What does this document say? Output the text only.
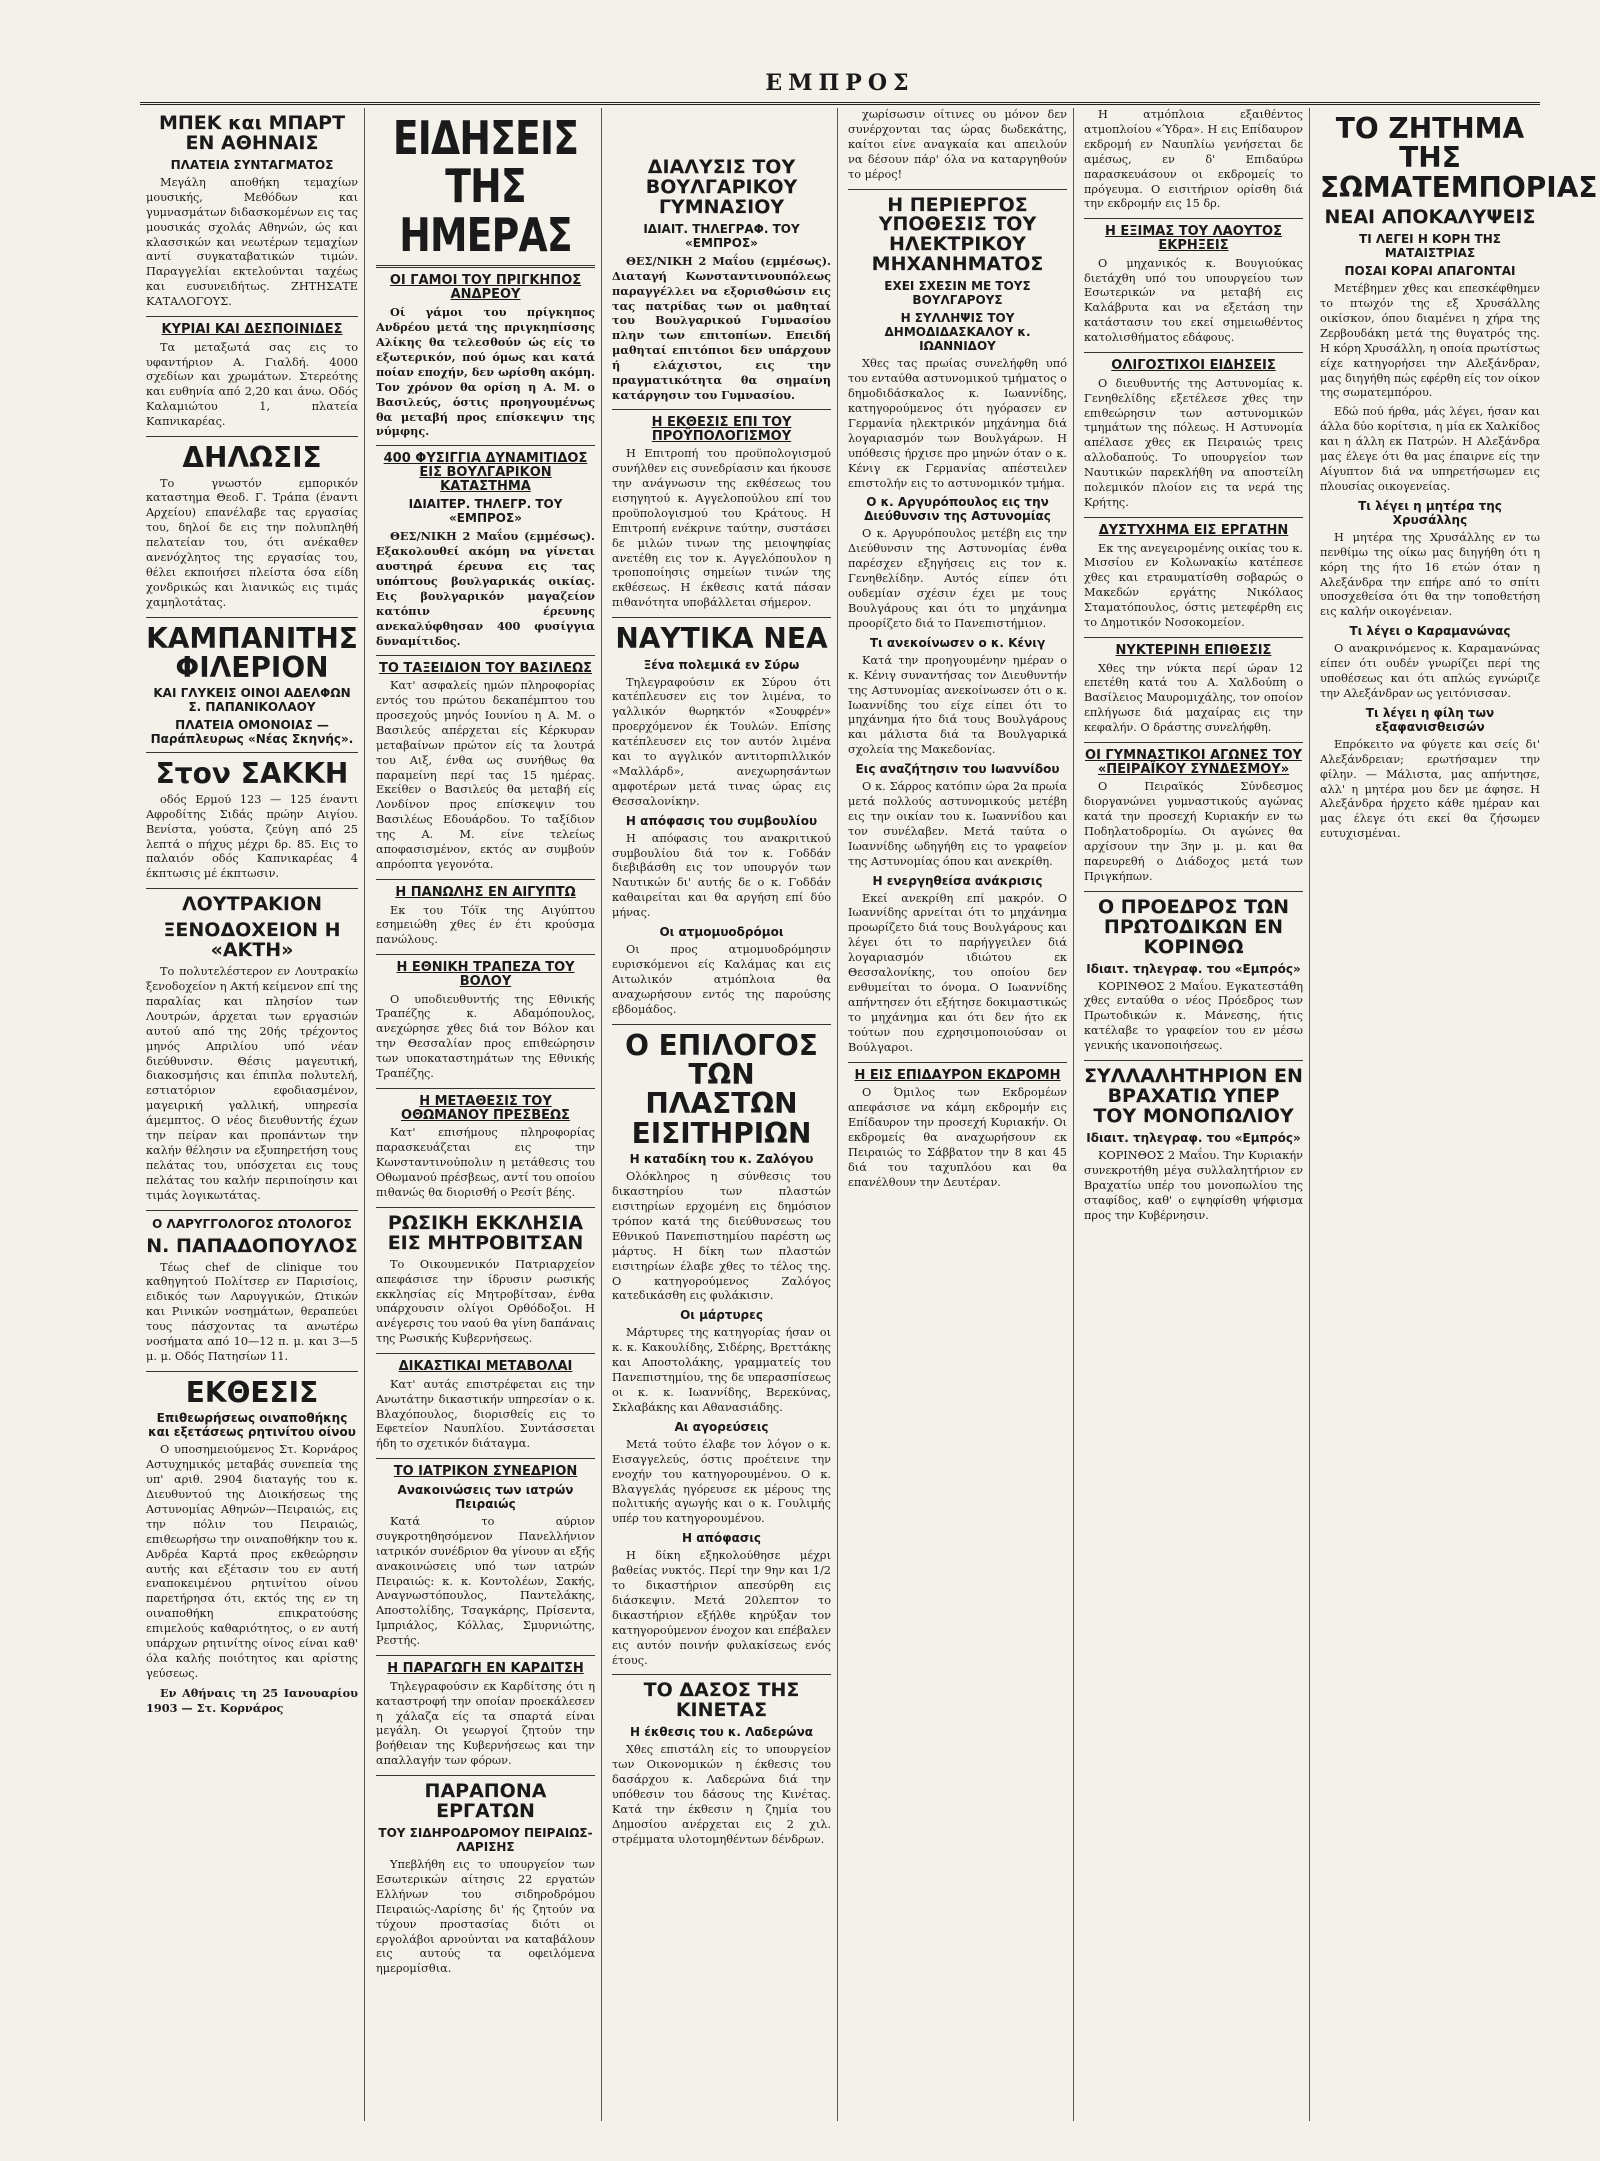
ΕΜΠΡΟΣ
ΜΠΕΚ και ΜΠΑΡΤ ΕΝ ΑΘΗΝΑΙΣ
ΠΛΑΤΕΙΑ ΣΥΝΤΑΓΜΑΤΟΣ

Μεγάλη αποθήκη τεμαχίων μουσικής, Μεθόδων και γυμνασμάτων διδασκομένων εις τας μουσικάς σχολάς Αθηνών, ώς και κλασσικών και νεωτέρων τεμαχίων αντί συγκαταβατικών τιμών. Παραγγελίαι εκτελούνται ταχέως και ευσυνειδήτως. ΖΗΤΗΣΑΤΕ ΚΑΤΑΛΟΓΟΥΣ.

ΚΥΡΙΑΙ ΚΑΙ ΔΕΣΠΟΙΝΙΔΕΣ

Τα μεταξωτά σας εις το υφαντήριον Α. Γιαλδή. 4000 σχεδίων και χρωμάτων. Στερεότης και ευθηνία από 2,20 και άνω. Οδός Καλαμιώτου 1, πλατεία Καπνικαρέας.

ΔΗΛΩΣΙΣ

Το γνωστόν εμπορικόν καταστημα Θεοδ. Γ. Τράπα (έναντι Αρχείου) επανέλαβε τας εργασίας του, δηλοί δε εις την πολυπληθή πελατείαν του, ότι ανέκαθεν ανενόχλητος της εργασίας του, θέλει εκποιήσει πλείστα όσα είδη χονδρικώς και λιανικώς εις τιμάς χαμηλοτάτας.

ΚΑΜΠΑΝΙΤΗΣ ΦΙΛΕΡΙΟΝ
ΚΑΙ ΓΛΥΚΕΙΣ ΟΙΝΟΙ ΑΔΕΛΦΩΝ Σ. ΠΑΠΑΝΙΚΟΛΑΟΥ
ΠΛΑΤΕΙΑ ΟΜΟΝΟΙΑΣ — Παράπλευρως «Νέας Σκηνής».
Στον ΣΑΚΚΗ

οδός Ερμού 123 — 125 έναντι Αφροδίτης Σιδάς πρώην Αιγίου. Βενίστα, γούστα, ζεύγη από 25 λεπτά ο πήχυς μέχρι δρ. 85. Εις το παλαιόν οδός Καπνικαρέας 4 έκπτωσις μέ έκπτωσιν.

ΛΟΥΤΡΑΚΙΟΝ
ΞΕΝΟΔΟΧΕΙΟΝ Η «ΑΚΤΗ»

Το πολυτελέστερον εν Λουτρακίω ξενοδοχείον η Ακτή κείμενον επί της παραλίας και πλησίον των Λουτρών, άρχεται των εργασιών αυτού από της 20ής τρέχοντος μηνός Απριλίου υπό νέαν διεύθυνσιν. Θέσις μαγευτική, διακοσμήσις και έπιπλα πολυτελή, εστιατόριον εφοδιασμένον, μαγειρική γαλλική, υπηρεσία άμεμπτος. Ο νέος διευθυντής έχων την πείραν και προπάντων την καλήν θέλησιν να εξυπηρετήση τους πελάτας του, υπόσχεται εις τους πελάτας του καλήν περιποίησιν και τιμάς λογικωτάτας.

Ο ΛΑΡΥΓΓΟΛΟΓΟΣ ΩΤΟΛΟΓΟΣ
Ν. ΠΑΠΑΔΟΠΟΥΛΟΣ

Τέως chef de clinique του καθηγητού Πολίτσερ εν Παρισίοις, ειδικός των Λαρυγγικών, Ωτικών και Ρινικών νοσημάτων, θεραπεύει τους πάσχοντας τα ανωτέρω νοσήματα από 10—12 π. μ. και 3—5 μ. μ. Οδός Πατησίων 11.

ΕΚΘΕΣΙΣ
Επιθεωρήσεως οιναποθήκης και εξετάσεως ρητινίτου οίνου

Ο υποσημειούμενος Στ. Κορνάρος Αστυχημικός μεταβάς συνεπεία της υπ' αριθ. 2904 διαταγής του κ. Διευθυντού της Διοικήσεως της Αστυνομίας Αθηνών—Πειραιώς, εις την πόλιν του Πειραιώς, επιθεωρήσω την οιναποθήκην του κ. Ανδρέα Καρτά προς εκθεώρησιν αυτής και εξέτασιν του εν αυτή εναποκειμένου ρητινίτου οίνου παρετήρησα ότι, εκτός της εν τη οιναποθήκη επικρατούσης επιμελούς καθαριότητος, ο εν αυτή υπάρχων ρητινίτης οίνος είναι καθ' όλα καλής ποιότητος και αρίστης γεύσεως.

Εν Αθήναις τη 25 Ιανουαρίου 1903 — Στ. Κορνάρος

ΕΙΔΗΣΕΙΣ ΤΗΣ ΗΜΕΡΑΣ
ΟΙ ΓΑΜΟΙ ΤΟΥ ΠΡΙΓΚΗΠΟΣ ΑΝΔΡΕΟΥ

Οί γάμοι του πρίγκηπος Ανδρέου μετά της πριγκηπίσσης Αλίκης θα τελεσθούν ώς είς το εξωτερικόν, πού όμως και κατά ποίαν εποχήν, δεν ωρίσθη ακόμη. Τον χρόνον θα ορίση η Α. Μ. ο Βασιλεύς, όστις προηγουμένως θα μεταβή προς επίσκεψιν της νύμφης.

400 ΦΥΣΙΓΓΙΑ ΔΥΝΑΜΙΤΙΔΟΣ ΕΙΣ ΒΟΥΛΓΑΡΙΚΟΝ ΚΑΤΑΣΤΗΜΑ
ΙΔΙΑΙΤΕΡ. ΤΗΛΕΓΡ. ΤΟΥ «ΕΜΠΡΟΣ»

ΘΕΣ/ΝΙΚΗ 2 Μαΐου (εμμέσως). Εξακολουθεί ακόμη να γίνεται αυστηρά έρευνα εις τας υπόπτους βουλγαρικάς οικίας. Εις βουλγαρικόν μαγαζείον κατόπιν έρευνης ανεκαλύφθησαν 400 φυσίγγια δυναμίτιδος.

ΤΟ ΤΑΞΕΙΔΙΟΝ ΤΟΥ ΒΑΣΙΛΕΩΣ

Κατ' ασφαλείς ημών πληροφορίας εντός του πρώτου δεκαπέμπτου του προσεχούς μηνός Ιουνίου η Α. Μ. ο Βασιλεύς απέρχεται είς Κέρκυραν μεταβαίνων πρώτον είς τα λουτρά του Αιξ, ένθα ως συνήθως θα παραμείνη περί τας 15 ημέρας. Εκείθεν ο Βασιλεύς θα μεταβή είς Λονδίνον προς επίσκεψιν του Βασιλέως Εδουάρδου. Το ταξίδιον της Α. Μ. είνε τελείως αποφασισμένον, εκτός αν συμβούν απρόοπτα γεγονότα.

Η ΠΑΝΩΛΗΣ ΕΝ ΑΙΓΥΠΤΩ

Εκ του Τόϊκ της Αιγύπτου εσημειώθη χθες έν έτι κρούσμα πανώλους.

Η ΕΘΝΙΚΗ ΤΡΑΠΕΖΑ ΤΟΥ ΒΟΛΟΥ

Ο υποδιευθυντής της Εθνικής Τραπέζης κ. Αδαμόπουλος, ανεχώρησε χθες διά τον Βόλον και την Θεσσαλίαν προς επιθεώρησιν των υποκαταστημάτων της Εθνικής Τραπέζης.

Η ΜΕΤΑΘΕΣΙΣ ΤΟΥ ΟΘΩΜΑΝΟΥ ΠΡΕΣΒΕΩΣ

Κατ' επισήμους πληροφορίας παρασκευάζεται εις την Κωνσταντινούπολιν η μετάθεσις του Οθωμανού πρέσβεως, αντί του οποίου πιθανώς θα διορισθή ο Ρεσίτ βέης.

ΡΩΣΙΚΗ ΕΚΚΛΗΣΙΑ ΕΙΣ ΜΗΤΡΟΒΙΤΣΑΝ

Το Οικουμενικόν Πατριαρχείον απεφάσισε την ίδρυσιν ρωσικής εκκλησίας είς Μητροβίτσαν, ένθα υπάρχουσιν ολίγοι Ορθόδοξοι. Η ανέγερσις του ναού θα γίνη δαπάναις της Ρωσικής Κυβερνήσεως.

ΔΙΚΑΣΤΙΚΑΙ ΜΕΤΑΒΟΛΑΙ

Κατ' αυτάς επιστρέφεται εις την Ανωτάτην δικαστικήν υπηρεσίαν ο κ. Βλαχόπουλος, διορισθείς εις το Εφετείον Ναυπλίου. Συντάσσεται ήδη το σχετικόν διάταγμα.

ΤΟ ΙΑΤΡΙΚΟΝ ΣΥΝΕΔΡΙΟΝ
Ανακοινώσεις των ιατρών Πειραιώς

Κατά το αύριον συγκροτηθησόμενον Πανελλήνιον ιατρικόν συνέδριον θα γίνουν αι εξής ανακοινώσεις υπό των ιατρών Πειραιώς: κ. κ. Κοντολέων, Σακής, Αναγνωστόπουλος, Παντελάκης, Αποστολίδης, Τσαγκάρης, Πρίσεντα, Ιμπριάλος, Κόλλας, Σμυρνιώτης, Ρεστής.

Η ΠΑΡΑΓΩΓΗ ΕΝ ΚΑΡΔΙΤΣΗ

Τηλεγραφούσιν εκ Καρδίτσης ότι η καταστροφή την οποίαν προεκάλεσεν η χάλαζα είς τα σπαρτά είναι μεγάλη. Οι γεωργοί ζητούν την βοήθειαν της Κυβερνήσεως και την απαλλαγήν των φόρων.

ΠΑΡΑΠΟΝΑ ΕΡΓΑΤΩΝ
ΤΟΥ ΣΙΔΗΡΟΔΡΟΜΟΥ ΠΕΙΡΑΙΩΣ-ΛΑΡΙΣΗΣ

Υπεβλήθη εις το υπουργείον των Εσωτερικών αίτησις 22 εργατών Ελλήνων του σιδηροδρόμου Πειραιώς-Λαρίσης δι' ής ζητούν να τύχουν προστασίας διότι οι εργολάβοι αρνούνται να καταβάλουν εις αυτούς τα οφειλόμενα ημερομίσθια.

ΔΙΑΛΥΣΙΣ ΤΟΥ ΒΟΥΛΓΑΡΙΚΟΥ ΓΥΜΝΑΣΙΟΥ
ΙΔΙΑΙΤ. ΤΗΛΕΓΡΑΦ. ΤΟΥ «ΕΜΠΡΟΣ»

ΘΕΣ/ΝΙΚΗ 2 Μαΐου (εμμέσως). Διαταγή Κωνσταντινουπόλεως παραγγέλλει να εξορισθώσιν εις τας πατρίδας των οι μαθηταί του Βουλγαρικού Γυμνασίου πλην των επιτοπίων. Επειδή μαθηταί επιτόπιοι δεν υπάρχουν ή ελάχιστοι, εις την πραγματικότητα θα σημαίνη κατάργησιν του Γυμνασίου.

Η ΕΚΘΕΣΙΣ ΕΠΙ ΤΟΥ ΠΡΟΫΠΟΛΟΓΙΣΜΟΥ

Η Επιτροπή του προϋπολογισμού συνήλθεν εις συνεδρίασιν και ήκουσε την ανάγνωσιν της εκθέσεως του εισηγητού κ. Αγγελοπούλου επί του προϋπολογισμού του Κράτους. Η Επιτροπή ενέκρινε ταύτην, συστάσει δε μιλών τινων της μειοψηφίας ανετέθη εις τον κ. Αγγελόπουλον η τροποποίησις σημείων τινών της εκθέσεως. Η έκθεσις κατά πάσαν πιθανότητα υποβάλλεται σήμερον.

ΝΑΥΤΙΚΑ ΝΕΑ
Ξένα πολεμικά εν Σύρω

Τηλεγραφούσιν εκ Σύρου ότι κατέπλευσεν εις τον λιμένα, το γαλλικόν θωρηκτόν «Σουφρέν» προερχόμενον έκ Τουλών. Επίσης κατέπλευσεν εις τον αυτόν λιμένα και το αγγλικόν αντιτορπιλλικόν «Μαλλάρδ», ανεχωρησάντων αμφοτέρων μετά τινας ώρας εις Θεσσαλονίκην.

Η απόφασις του συμβουλίου

Η απόφασις του ανακριτικού συμβουλίου διά τον κ. Γοδδάν διεβιβάσθη εις τον υπουργόν των Ναυτικών δι' αυτής δε ο κ. Γοδδάν καθαιρείται και θα αργήση επί δύο μήνας.

Οι ατμομυοδρόμοι

Οι προς ατμομυοδρόμησιν ευρισκόμενοι είς Καλάμας και εις Αιτωλικόν ατμόπλοια θα αναχωρήσουν εντός της παρούσης εβδομάδος.

Ο ΕΠΙΛΟΓΟΣ ΤΩΝ ΠΛΑΣΤΩΝ ΕΙΣΙΤΗΡΙΩΝ
Η καταδίκη του κ. Ζαλόγου

Ολόκληρος η σύνθεσις του δικαστηρίου των πλαστών εισιτηρίων ερχομένη εις δημόσιον τρόπον κατά της διεύθυνσεως του Εθνικού Πανεπιστημίου παρέστη ως μάρτυς. Η δίκη των πλαστών εισιτηρίων έλαβε χθες το τέλος της. Ο κατηγορούμενος Ζαλόγος κατεδικάσθη εις φυλάκισιν.

Οι μάρτυρες

Μάρτυρες της κατηγορίας ήσαν οι κ. κ. Κακουλίδης, Σιδέρης, Βρεττάκης και Αποστολάκης, γραμματείς του Πανεπιστημίου, της δε υπερασπίσεως οι κ. κ. Ιωαννίδης, Βερεκύνας, Σκλαβάκης και Αθανασιάδης.

Αι αγορεύσεις

Μετά τούτο έλαβε τον λόγον ο κ. Εισαγγελεύς, όστις προέτεινε την ενοχήν του κατηγορουμένου. Ο κ. Βλαγγελάς ηγόρευσε εκ μέρους της πολιτικής αγωγής και ο κ. Γουλιμής υπέρ του κατηγορουμένου.

Η απόφασις

Η δίκη εξηκολούθησε μέχρι βαθείας νυκτός. Περί την 9ην και 1/2 το δικαστήριον απεσύρθη εις διάσκεψιν. Μετά 20λεπτον το δικαστήριον εξήλθε κηρύξαν τον κατηγορούμενον ένοχον και επέβαλεν εις αυτόν ποινήν φυλακίσεως ενός έτους.

ΤΟ ΔΑΣΟΣ ΤΗΣ ΚΙΝΕΤΑΣ
Η έκθεσις του κ. Λαδερώνα

Χθες επιστάλη είς το υπουργείον των Οικονομικών η έκθεσις του δασάρχου κ. Λαδερώνα διά την υπόθεσιν του δάσους της Κινέτας. Κατά την έκθεσιν η ζημία του Δημοσίου ανέρχεται εις 2 χιλ. στρέμματα υλοτομηθέντων δένδρων.

χωρίσωσιν οίτινες ου μόνον δεν συνέρχονται τας ώρας δωδεκάτης, καίτοι είνε αναγκαία και απειλούν να δέσουν πάρ' όλα να καταργηθούν το μέρος!

Η ΠΕΡΙΕΡΓΟΣ ΥΠΟΘΕΣΙΣ ΤΟΥ ΗΛΕΚΤΡΙΚΟΥ ΜΗΧΑΝΗΜΑΤΟΣ
ΕΧΕΙ ΣΧΕΣΙΝ ΜΕ ΤΟΥΣ ΒΟΥΛΓΑΡΟΥΣ
Η ΣΥΛΛΗΨΙΣ ΤΟΥ ΔΗΜΟΔΙΔΑΣΚΑΛΟΥ κ. ΙΩΑΝΝΙΔΟΥ

Χθες τας πρωίας συνελήφθη υπό του ενταύθα αστυνομικού τμήματος ο δημοδιδάσκαλος κ. Ιωαννίδης, κατηγορούμενος ότι ηγόρασεν εν Γερμανία ηλεκτρικόν μηχάνημα διά λογαριασμόν των Βουλγάρων. Η υπόθεσις ήρχισε προ μηνών όταν ο κ. Κένιγ εκ Γερμανίας απέστειλεν επιστολήν εις το αστυνομικόν τμήμα.

Ο κ. Αργυρόπουλος εις την Διεύθυνσιν της Αστυνομίας

Ο κ. Αργυρόπουλος μετέβη εις την Διεύθυνσιν της Αστυνομίας ένθα παρέσχεν εξηγήσεις εις τον κ. Γενηθελίδην. Αυτός είπεν ότι ουδεμίαν σχέσιν έχει με τους Βουλγάρους και ότι το μηχάνημα προορίζετο διά το Πανεπιστήμιον.

Τι ανεκοίνωσεν ο κ. Κένιγ

Κατά την προηγουμένην ημέραν ο κ. Κένιγ συναντήσας τον Διευθυντήν της Αστυνομίας ανεκοίνωσεν ότι ο κ. Ιωαννίδης του είχε είπει ότι το μηχάνημα ήτο διά τους Βουλγάρους και μάλιστα διά τα Βουλγαρικά σχολεία της Μακεδονίας.

Εις αναζήτησιν του Ιωαννίδου

Ο κ. Σάρρος κατόπιν ώρα 2α πρωία μετά πολλούς αστυνομικούς μετέβη εις την οικίαν του κ. Ιωαννίδου και τον συνέλαβεν. Μετά ταύτα ο Ιωαννίδης ωδηγήθη εις το γραφείον της Αστυνομίας όπου και ανεκρίθη.

Η ενεργηθείσα ανάκρισις

Εκεί ανεκρίθη επί μακρόν. Ο Ιωαννίδης αρνείται ότι το μηχάνημα προωρίζετο διά τους Βουλγάρους και λέγει ότι το παρήγγειλεν διά λογαριασμόν ιδιώτου εκ Θεσσαλονίκης, του οποίου δεν ενθυμείται το όνομα. Ο Ιωαννίδης απήντησεν ότι εξήτησε δοκιμαστικώς το μηχάνημα και ότι δεν ήτο εκ τούτων που εχρησιμοποιούσαν οι Βούλγαροι.

Η ΕΙΣ ΕΠΙΔΑΥΡΟΝ ΕΚΔΡΟΜΗ

Ο Όμιλος των Εκδρομέων απεφάσισε να κάμη εκδρομήν εις Επίδαυρον την προσεχή Κυριακήν. Οι εκδρομείς θα αναχωρήσουν εκ Πειραιώς το Σάββατον την 8 και 45 διά του ταχυπλόου και θα επανέλθουν την Δευτέραν.

Η ατμόπλοια εξαιθέντος ατμοπλοίου «Ύδρα». Η εις Επίδαυρον εκδρομή εν Ναυπλίω γενήσεται δε αμέσως, εν δ' Επιδαύρω παρασκευάσουν οι εκδρομείς το πρόγευμα. Ο εισιτήριον ορίσθη διά την εκδρομήν εις 15 δρ.

Η ΕΞΙΜΑΣ ΤΟΥ ΛΑΟΥΤΟΣ ΕΚΡΗΞΕΙΣ

Ο μηχανικός κ. Βουγιούκας διετάχθη υπό του υπουργείου των Εσωτερικών να μεταβή εις Καλάβρυτα και να εξετάση την κατάστασιν του εκεί σημειωθέντος κατολισθήματος εδάφους.

ΟΛΙΓΟΣΤΙΧΟΙ ΕΙΔΗΣΕΙΣ

Ο διευθυντής της Αστυνομίας κ. Γενηθελίδης εξετέλεσε χθες την επιθεώρησιν των αστυνομικών τμημάτων της πόλεως. Η Αστυνομία απέλασε χθες εκ Πειραιώς τρεις αλλοδαπούς. Το υπουργείον των Ναυτικών παρεκλήθη να αποστείλη πολεμικόν πλοίον εις τα νερά της Κρήτης.

ΔΥΣΤΥΧΗΜΑ ΕΙΣ ΕΡΓΑΤΗΝ

Εκ της ανεγειρομένης οικίας του κ. Μισσίου εν Κολωνακίω κατέπεσε χθες και ετραυματίσθη σοβαρώς ο Μακεδών εργάτης Νικόλαος Σταματόπουλος, όστις μετεφέρθη εις το Δημοτικόν Νοσοκομείον.

ΝΥΚΤΕΡΙΝΗ ΕΠΙΘΕΣΙΣ

Χθες την νύκτα περί ώραν 12 επετέθη κατά του Α. Χαλδούπη ο Βασίλειος Μαυρομιχάλης, τον οποίον επλήγωσε διά μαχαίρας εις την κεφαλήν. Ο δράστης συνελήφθη.

ΟΙ ΓΥΜΝΑΣΤΙΚΟΙ ΑΓΩΝΕΣ ΤΟΥ «ΠΕΙΡΑΪΚΟΥ ΣΥΝΔΕΣΜΟΥ»

Ο Πειραϊκός Σύνδεσμος διοργανώνει γυμναστικούς αγώνας κατά την προσεχή Κυριακήν εν τω Ποδηλατοδρομίω. Οι αγώνες θα αρχίσουν την 3ην μ. μ. και θα παρευρεθή ο Διάδοχος μετά των Πριγκήπων.

Ο ΠΡΟΕΔΡΟΣ ΤΩΝ ΠΡΩΤΟΔΙΚΩΝ ΕΝ ΚΟΡΙΝΘΩ
Ιδιαιτ. τηλεγραφ. του «Εμπρός»

ΚΟΡΙΝΘΟΣ 2 Μαΐου. Εγκατεστάθη χθες ενταύθα ο νέος Πρόεδρος των Πρωτοδικών κ. Μάνεσης, ήτις κατέλαβε το γραφείον του εν μέσω γενικής ικανοποιήσεως.

ΣΥΛΛΑΛΗΤΗΡΙΟΝ ΕΝ ΒΡΑΧΑΤΙΩ ΥΠΕΡ ΤΟΥ ΜΟΝΟΠΩΛΙΟΥ
Ιδιαιτ. τηλεγραφ. του «Εμπρός»

ΚΟΡΙΝΘΟΣ 2 Μαΐου. Την Κυριακήν συνεκροτήθη μέγα συλλαλητήριον εν Βραχατίω υπέρ του μονοπωλίου της σταφίδος, καθ' ο εψηφίσθη ψήφισμα προς την Κυβέρνησιν.

ΤΟ ΖΗΤΗΜΑ ΤΗΣ ΣΩΜΑΤΕΜΠΟΡΙΑΣ
ΝΕΑΙ ΑΠΟΚΑΛΥΨΕΙΣ
ΤΙ ΛΕΓΕΙ Η ΚΟΡΗ ΤΗΣ ΜΑΤΑΙΣΤΡΙΑΣ
ΠΟΣΑΙ ΚΟΡΑΙ ΑΠΑΓΟΝΤΑΙ

Μετέβημεν χθες και επεσκέφθημεν το πτωχόν της εξ Χρυσάλλης οικίσκον, όπου διαμένει η χήρα της Ζερβουδάκη μετά της θυγατρός της. Η κόρη Χρυσάλλη, η οποία πρωτίστως είχε κατηγορήσει την Αλεξάνδραν, μας διηγήθη πώς εφέρθη είς τον οίκον της σωματεμπόρου.

Εδώ πού ήρθα, μάς λέγει, ήσαν και άλλα δύο κορίτσια, η μία εκ Χαλκίδος και η άλλη εκ Πατρών. Η Αλεξάνδρα μας έλεγε ότι θα μας έπαιρνε είς την Αίγυπτον διά να υπηρετήσωμεν εις πλουσίας οικογενείας.

Τι λέγει η μητέρα της Χρυσάλλης

Η μητέρα της Χρυσάλλης εν τω πενθίμω της οίκω μας διηγήθη ότι η κόρη της ήτο 16 ετών όταν η Αλεξάνδρα την επήρε από το σπίτι υποσχεθείσα ότι θα την τοποθετήση εις καλήν οικογένειαν.

Τι λέγει ο Καραμανώνας

Ο ανακρινόμενος κ. Καραμανώνας είπεν ότι ουδέν γνωρίζει περί της υποθέσεως και ότι απλώς εγνώριζε την Αλεξάνδραν ως γειτόνισσαν.

Τι λέγει η φίλη των εξαφανισθεισών

Επρόκειτο να φύγετε και σείς δι' Αλεξάνδρειαν; ερωτήσαμεν την φίλην. — Μάλιστα, μας απήντησε, αλλ' η μητέρα μου δεν με άφησε. Η Αλεξάνδρα ήρχετο κάθε ημέραν και μας έλεγε ότι εκεί θα ζήσωμεν ευτυχισμέναι.
